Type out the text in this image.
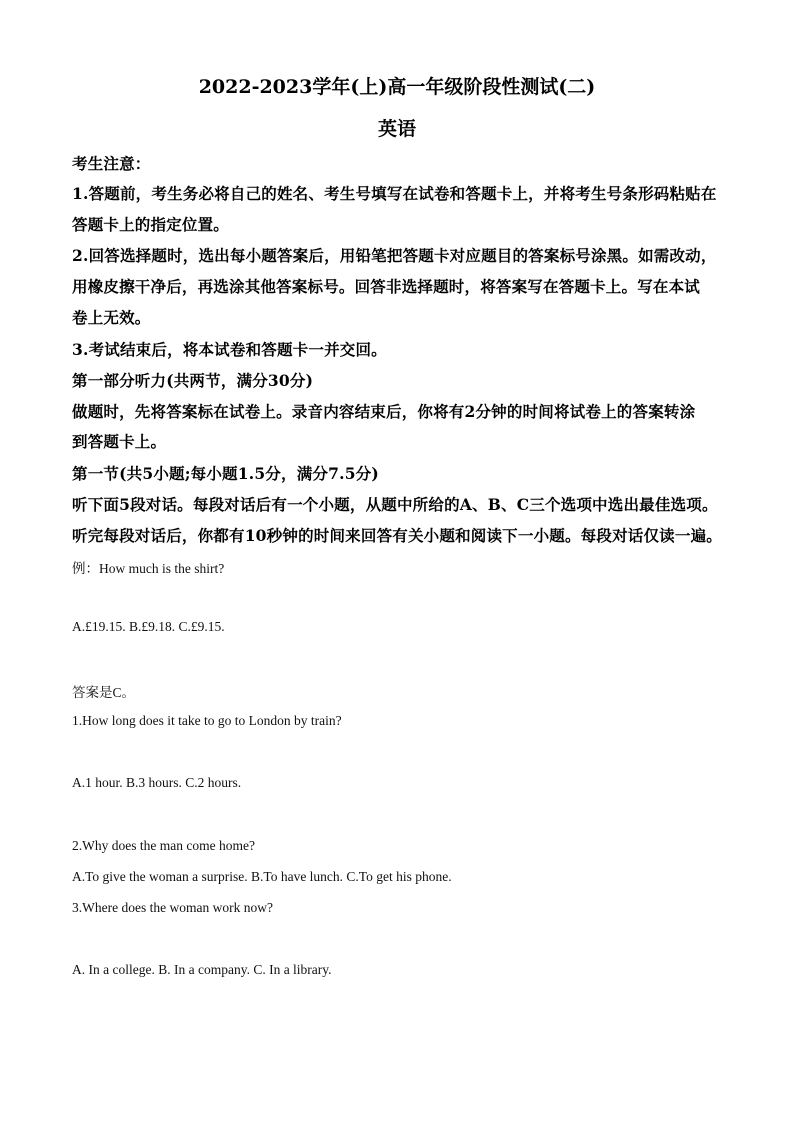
2022-2023学年(上)高一年级阶段性测试(二)
英语
考生注意：
1.答题前，考生务必将自己的姓名、考生号填写在试卷和答题卡上，并将考生号条形码粘贴在
答题卡上的指定位置。
2.回答选择题时，选出每小题答案后，用铅笔把答题卡对应题目的答案标号涂黑。如需改动，
用橡皮擦干净后，再选涂其他答案标号。回答非选择题时，将答案写在答题卡上。写在本试
卷上无效。
3.考试结束后，将本试卷和答题卡一并交回。
第一部分听力(共两节，满分30分)
做题时，先将答案标在试卷上。录音内容结束后，你将有2分钟的时间将试卷上的答案转涂
到答题卡上。
第一节(共5小题;每小题1.5分，满分7.5分)
听下面5段对话。每段对话后有一个小题，从题中所给的A、B、C三个选项中选出最佳选项。
听完每段对话后，你都有10秒钟的时间来回答有关小题和阅读下一小题。每段对话仅读一遍。
例：How much is the shirt?
A.£19.15. B.£9.18. C.£9.15.
答案是C。
1.How long does it take to go to London by train?
A.1 hour. B.3 hours. C.2 hours.
2.Why does the man come home?
A.To give the woman a surprise. B.To have lunch. C.To get his phone.
3.Where does the woman work now?
A. In a college. B. In a company. C. In a library.
